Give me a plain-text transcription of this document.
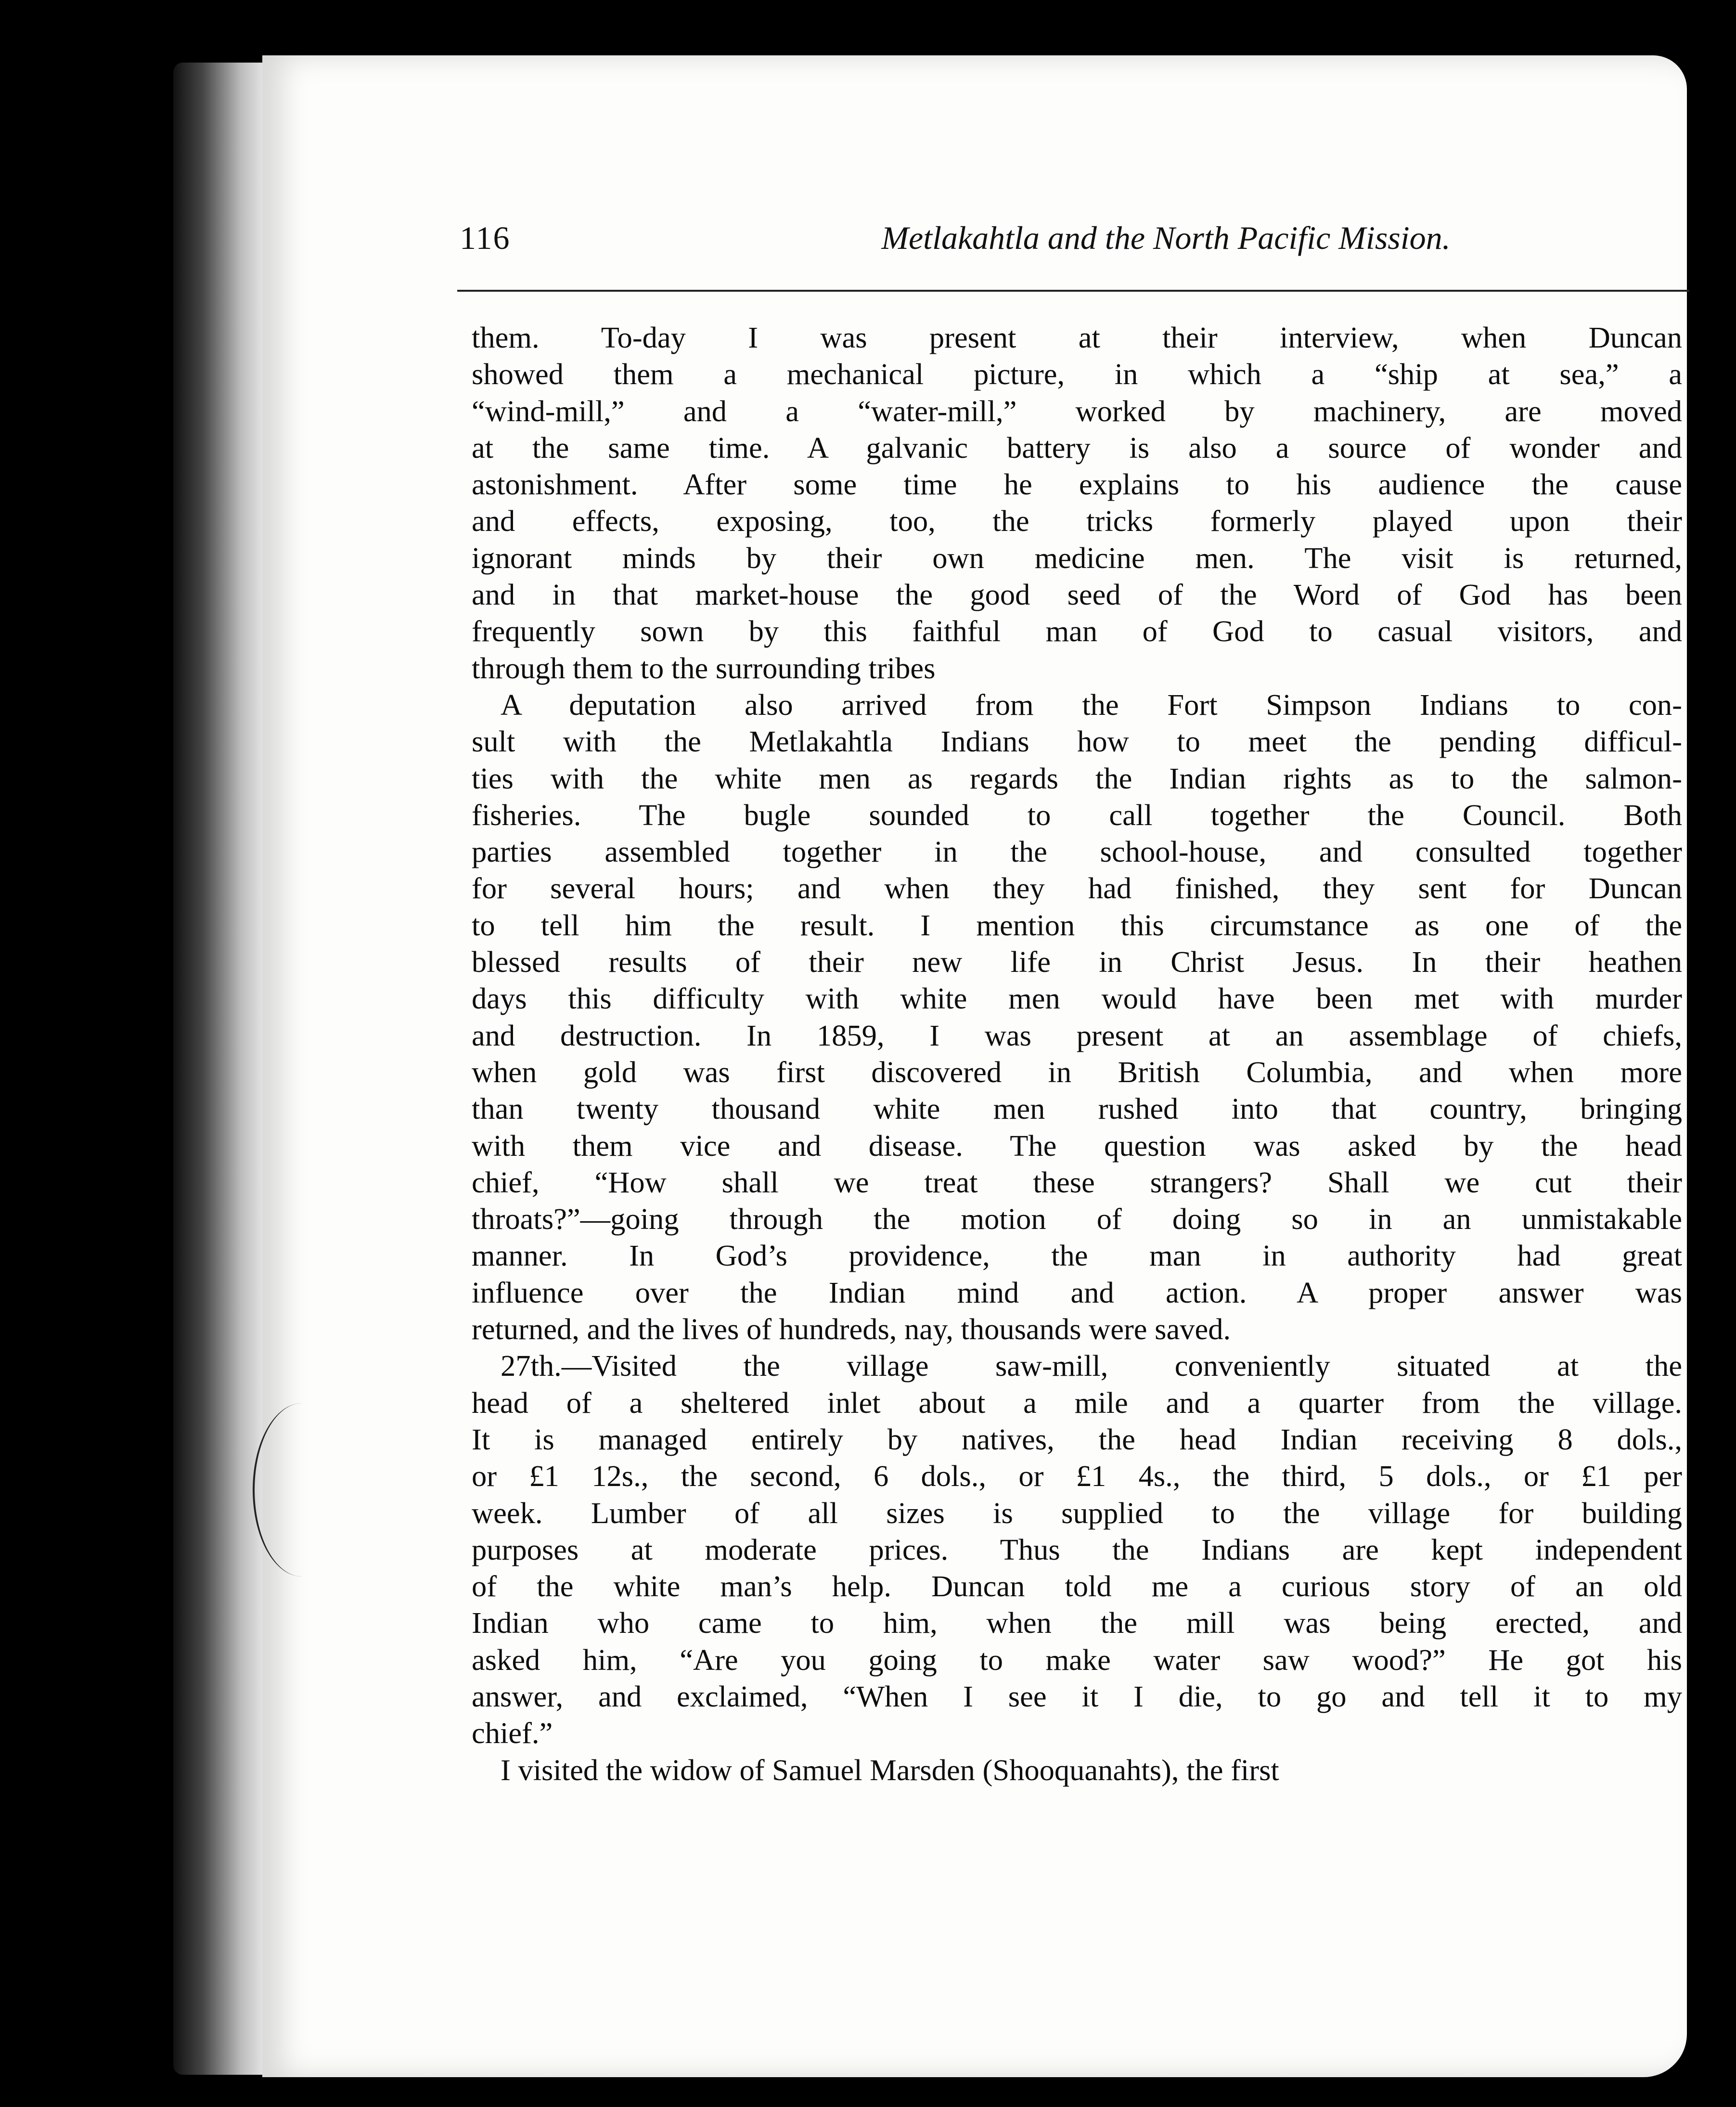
116	Metlakahtla and the North Pacific Mission.
them. To-day I was present at their interview, when Duncan
showed them a mechanical picture, in which a “ship at sea,” a
“wind-mill,” and a “water-mill,” worked by machinery, are moved
at the same time. A galvanic battery is also a source of wonder and
astonishment. After some time he explains to his audience the cause
and effects, exposing, too, the tricks formerly played upon their
ignorant minds by their own medicine men. The visit is returned,
and in that market-house the good seed of the Word of God has been
frequently sown by this faithful man of God to casual visitors, and
through them to the surrounding tribes
A deputation also arrived from the Fort Simpson Indians to con-
sult with the Metlakahtla Indians how to meet the pending difficul-
ties with the white men as regards the Indian rights as to the salmon-
fisheries. The bugle sounded to call together the Council. Both
parties assembled together in the school-house, and consulted together
for several hours; and when they had finished, they sent for Duncan
to tell him the result. I mention this circumstance as one of the
blessed results of their new life in Christ Jesus. In their heathen
days this difficulty with white men would have been met with murder
and destruction. In 1859, I was present at an assemblage of chiefs,
when gold was first discovered in British Columbia, and when more
than twenty thousand white men rushed into that country, bringing
with them vice and disease. The question was asked by the head
chief, “How shall we treat these strangers? Shall we cut their
throats?”—going through the motion of doing so in an unmistakable
manner. In God’s providence, the man in authority had great
influence over the Indian mind and action. A proper answer was
returned, and the lives of hundreds, nay, thousands were saved.
27th.—Visited the village saw-mill, conveniently situated at the
head of a sheltered inlet about a mile and a quarter from the village.
It is managed entirely by natives, the head Indian receiving 8 dols.,
or £1 12s., the second, 6 dols., or £1 4s., the third, 5 dols., or £1 per
week. Lumber of all sizes is supplied to the village for building
purposes at moderate prices. Thus the Indians are kept independent
of the white man’s help. Duncan told me a curious story of an old
Indian who came to him, when the mill was being erected, and
asked him, “Are you going to make water saw wood?” He got his
answer, and exclaimed, “When I see it I die, to go and tell it to my
chief.”
I visited the widow of Samuel Marsden (Shooquanahts), the first
